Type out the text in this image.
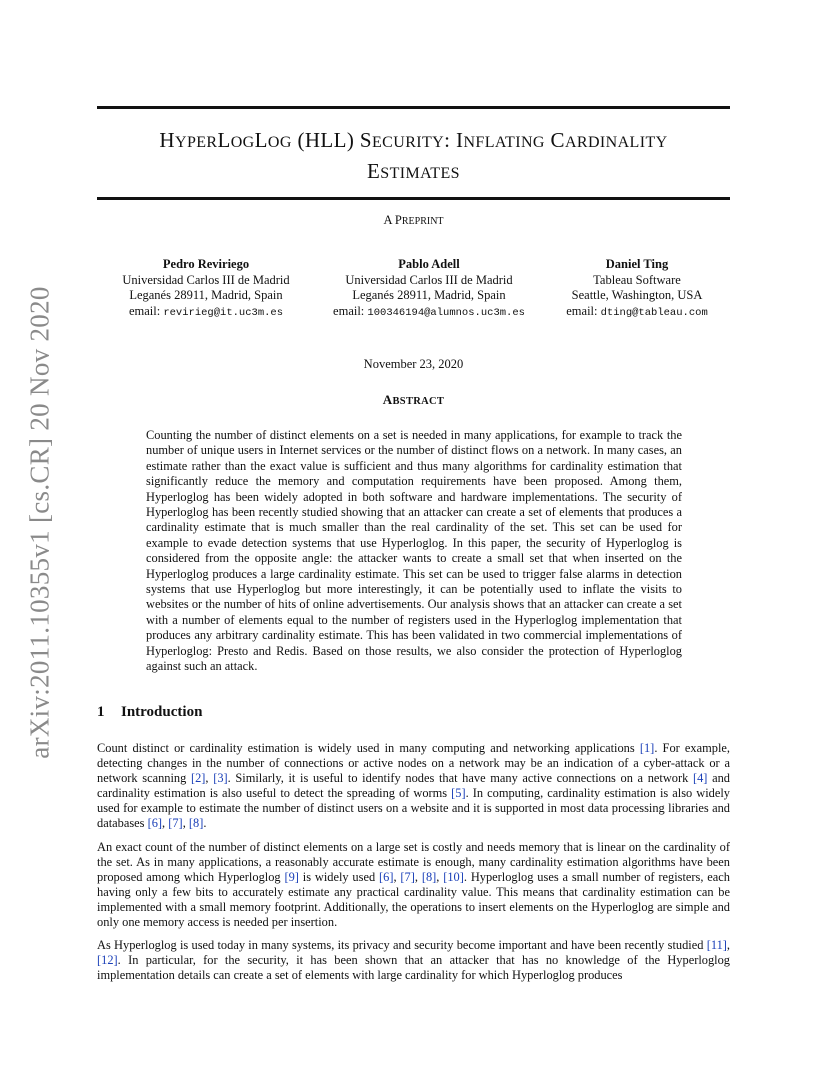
arXiv:2011.10355v1 [cs.CR] 20 Nov 2020
HYPERLOGLOG (HLL) SECURITY: INFLATING CARDINALITY
ESTIMATES
A PREPRINT
Pedro Reviriego
Universidad Carlos III de Madrid
Leganés 28911, Madrid, Spain
email: revirieg@it.uc3m.es
Pablo Adell
Universidad Carlos III de Madrid
Leganés 28911, Madrid, Spain
email: 100346194@alumnos.uc3m.es
Daniel Ting
Tableau Software
Seattle, Washington, USA
email: dting@tableau.com
November 23, 2020
ABSTRACT
Counting the number of distinct elements on a set is needed in many applications, for example to track the number of unique users in Internet services or the number of distinct flows on a network. In many cases, an estimate rather than the exact value is sufficient and thus many algorithms for cardinality estimation that significantly reduce the memory and computation requirements have been proposed. Among them, Hyperloglog has been widely adopted in both software and hardware implementations. The security of Hyperloglog has been recently studied showing that an attacker can create a set of elements that produces a cardinality estimate that is much smaller than the real cardinality of the set. This set can be used for example to evade detection systems that use Hyperloglog. In this paper, the security of Hyperloglog is considered from the opposite angle: the attacker wants to create a small set that when inserted on the Hyperloglog produces a large cardinality estimate. This set can be used to trigger false alarms in detection systems that use Hyperloglog but more interestingly, it can be potentially used to inflate the visits to websites or the number of hits of online advertisements. Our analysis shows that an attacker can create a set with a number of elements equal to the number of registers used in the Hyperloglog implementation that produces any arbitrary cardinality estimate. This has been validated in two commercial implementations of Hyperloglog: Presto and Redis. Based on those results, we also consider the protection of Hyperloglog against such an attack.
1 Introduction

Count distinct or cardinality estimation is widely used in many computing and networking applications [1]. For example, detecting changes in the number of connections or active nodes on a network may be an indication of a cyber-attack or a network scanning [2], [3]. Similarly, it is useful to identify nodes that have many active connections on a network [4] and cardinality estimation is also useful to detect the spreading of worms [5]. In computing, cardinality estimation is also widely used for example to estimate the number of distinct users on a website and it is supported in most data processing libraries and databases [6], [7], [8].

An exact count of the number of distinct elements on a large set is costly and needs memory that is linear on the cardinality of the set. As in many applications, a reasonably accurate estimate is enough, many cardinality estimation algorithms have been proposed among which Hyperloglog [9] is widely used [6], [7], [8], [10]. Hyperloglog uses a small number of registers, each having only a few bits to accurately estimate any practical cardinality value. This means that cardinality estimation can be implemented with a small memory footprint. Additionally, the operations to insert elements on the Hyperloglog are simple and only one memory access is needed per insertion.

As Hyperloglog is used today in many systems, its privacy and security become important and have been recently studied [11], [12]. In particular, for the security, it has been shown that an attacker that has no knowledge of the Hyperloglog implementation details can create a set of elements with large cardinality for which Hyperloglog produces
